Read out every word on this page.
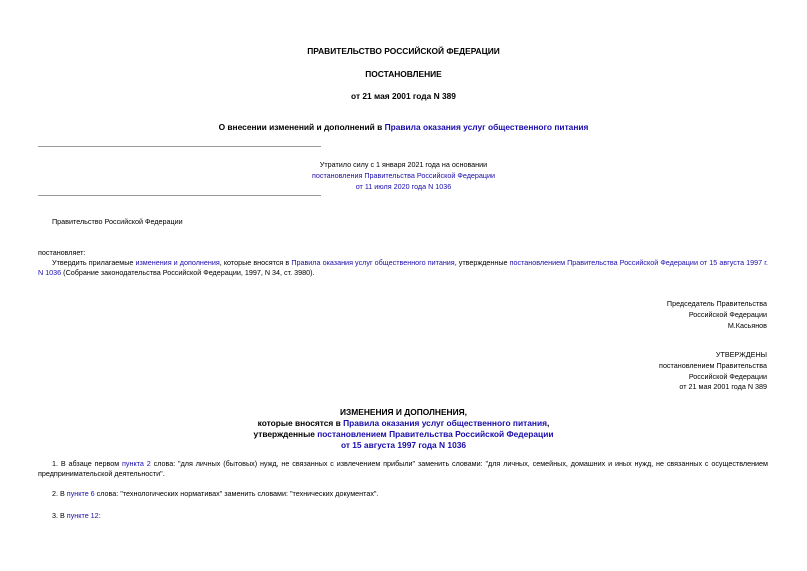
ПРАВИТЕЛЬСТВО РОССИЙСКОЙ ФЕДЕРАЦИИ
ПОСТАНОВЛЕНИЕ
от 21 мая 2001 года N 389
О внесении изменений и дополнений в Правила оказания услуг общественного питания
Утратило силу с 1 января 2021 года на основании
постановления Правительства Российской Федерации
от 11 июля 2020 года N 1036
Правительство Российской Федерации
постановляет:
Утвердить прилагаемые изменения и дополнения, которые вносятся в Правила оказания услуг общественного питания, утвержденные постановлением Правительства Российской Федерации от 15 августа 1997 г. N 1036 (Собрание законодательства Российской Федерации, 1997, N 34, ст. 3980).
Председатель Правительства
Российской Федерации
М.Касьянов
УТВЕРЖДЕНЫ
постановлением Правительства
Российской Федерации
от 21 мая 2001 года N 389
ИЗМЕНЕНИЯ И ДОПОЛНЕНИЯ,
которые вносятся в Правила оказания услуг общественного питания,
утвержденные постановлением Правительства Российской Федерации
от 15 августа 1997 года N 1036
1. В абзаце первом пункта 2 слова: "для личных (бытовых) нужд, не связанных с извлечением прибыли" заменить словами: "для личных, семейных, домашних и иных нужд, не связанных с осуществлением предпринимательской деятельности".
2. В пункте 6 слова: "технологических нормативах" заменить словами: "технических документах".
3. В пункте 12:
